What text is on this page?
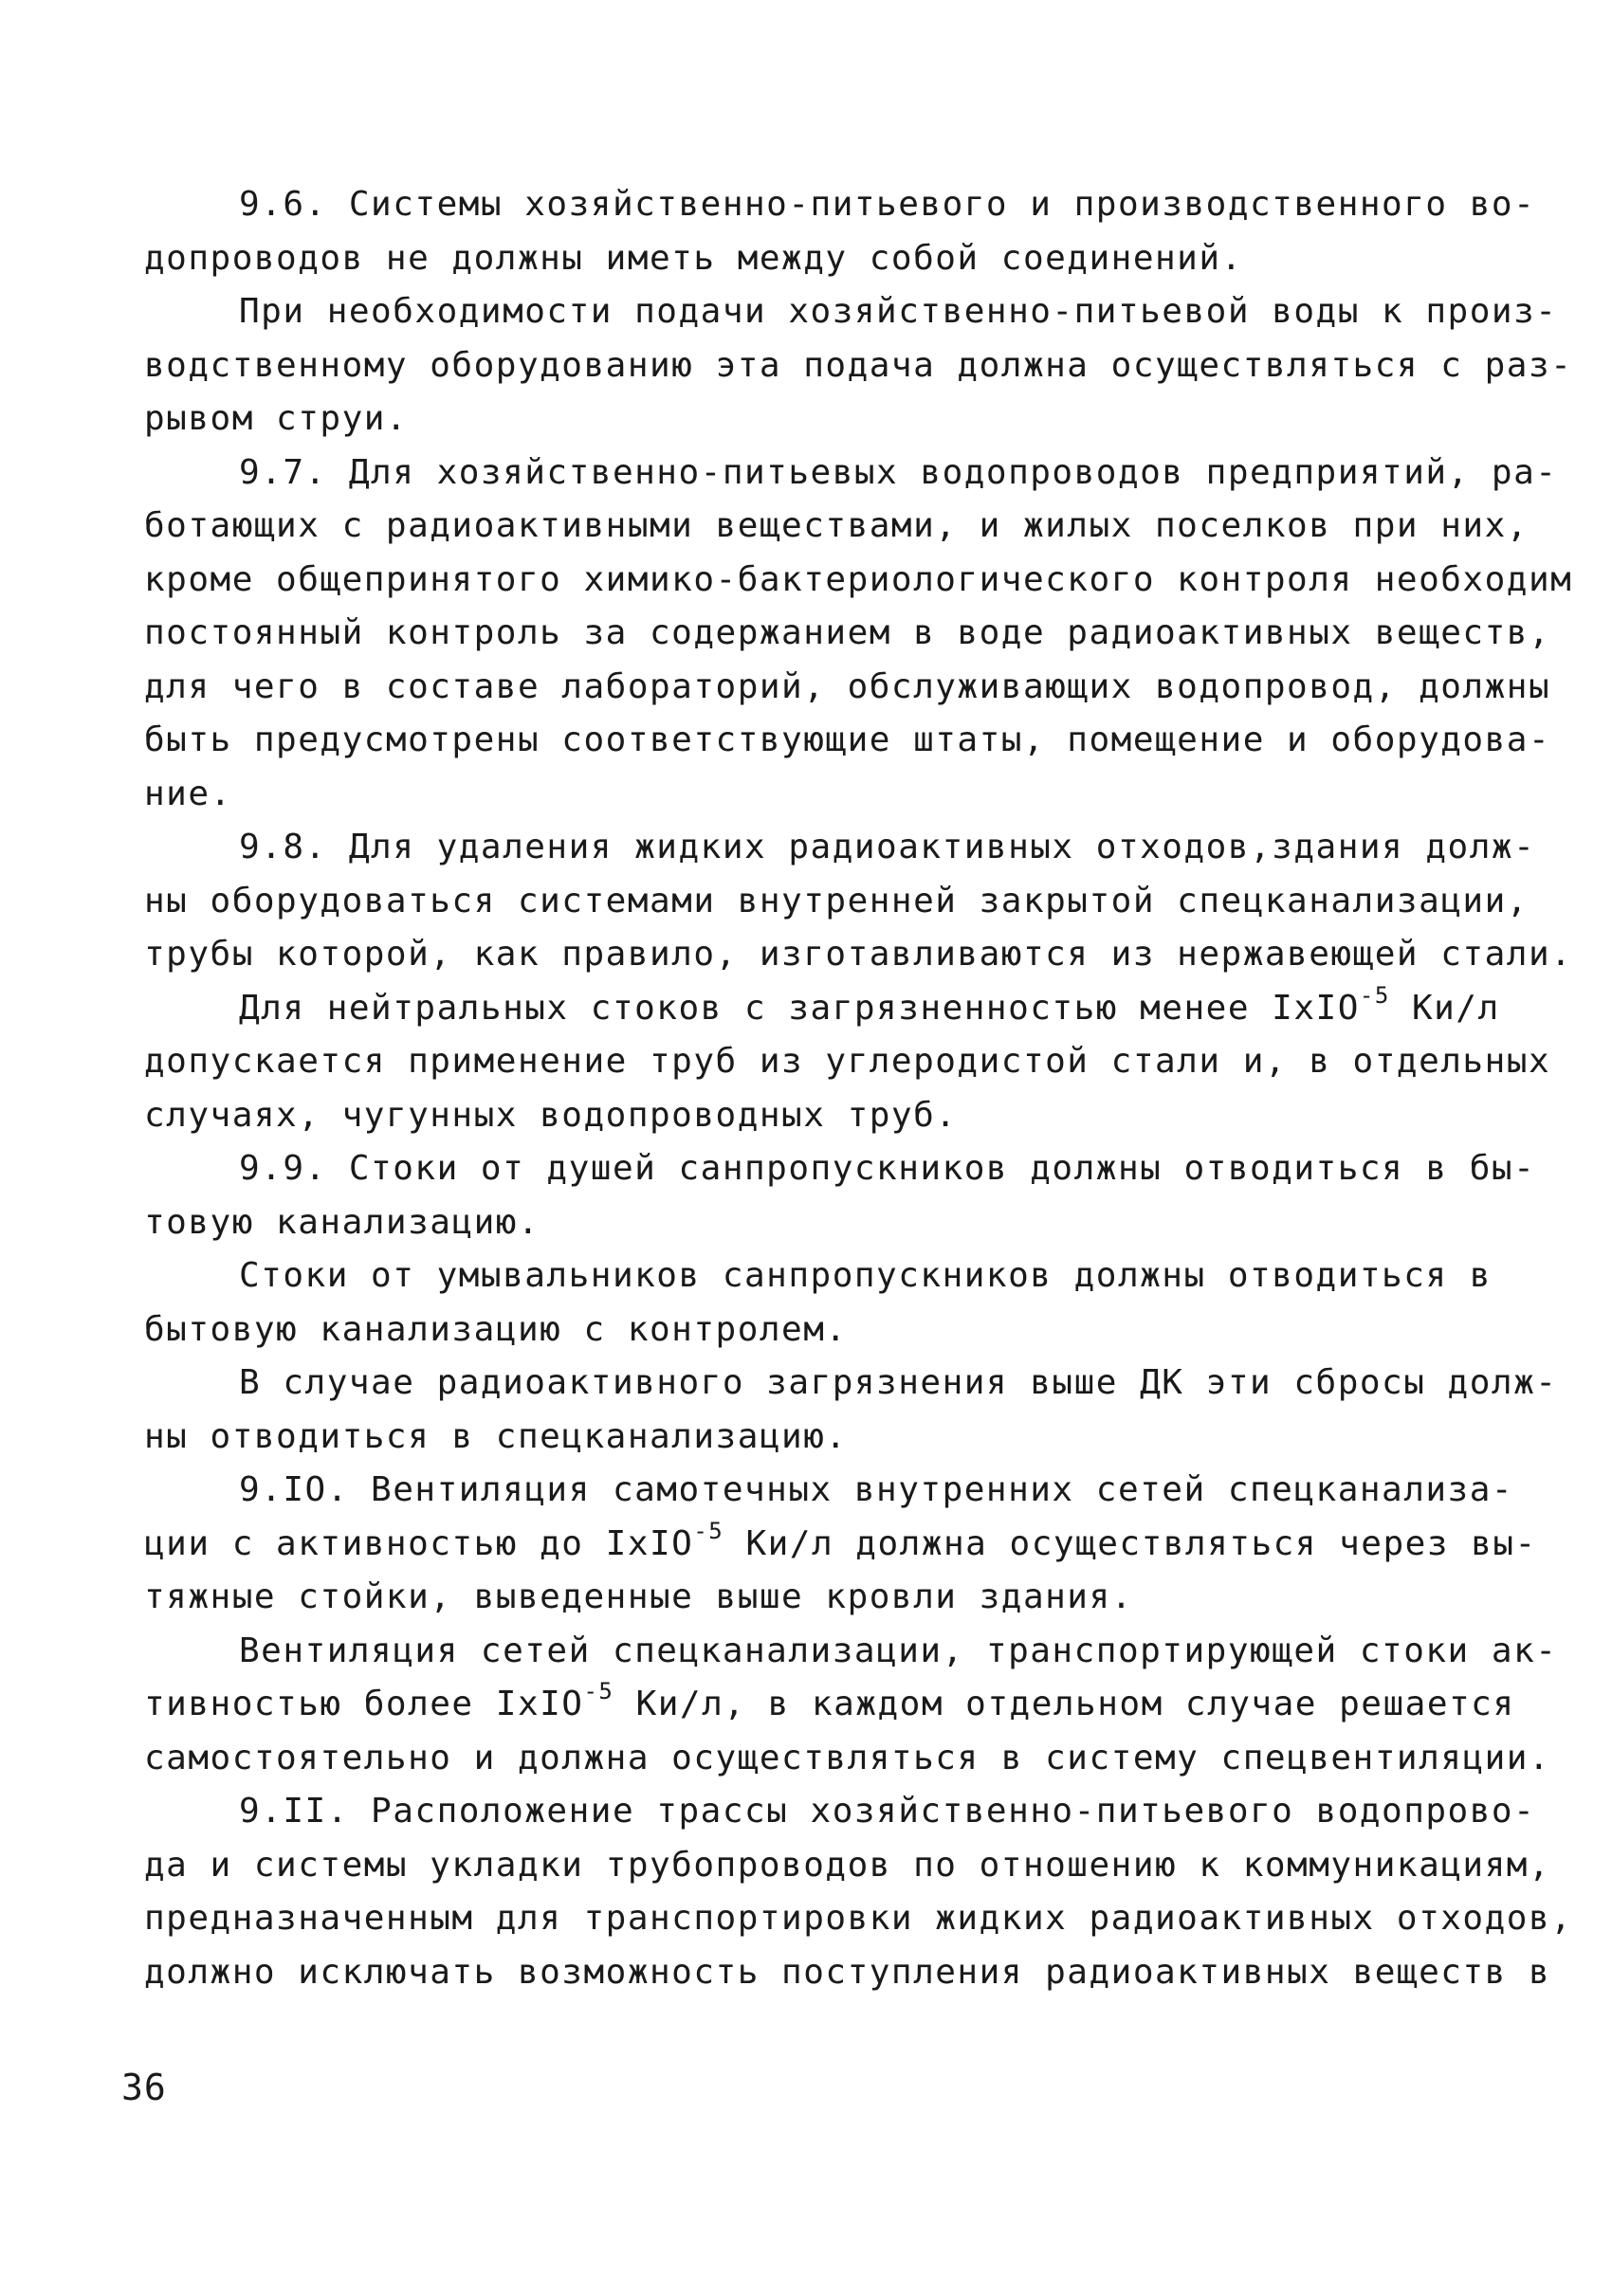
9.6. Системы хозяйственно-питьевого и производственного во-
допроводов не должны иметь между собой соединений.
При необходимости подачи хозяйственно-питьевой воды к произ-
водственному оборудованию эта подача должна осуществляться с раз-
рывом струи.
9.7. Для хозяйственно-питьевых водопроводов предприятий, ра-
ботающих с радиоактивными веществами, и жилых поселков при них,
кроме общепринятого химико-бактериологического контроля необходим
постоянный контроль за содержанием в воде радиоактивных веществ,
для чего в составе лабораторий, обслуживающих водопровод, должны
быть предусмотрены соответствующие штаты, помещение и оборудова-
ние.
9.8. Для удаления жидких радиоактивных отходов,здания долж-
ны оборудоваться системами внутренней закрытой спецканализации,
трубы которой, как правило, изготавливаются из нержавеющей стали.
Для нейтральных стоков с загрязненностью менее IxIO$^{-5}$ Ки/л
допускается применение труб из углеродистой стали и, в отдельных
случаях, чугунных водопроводных труб.
9.9. Стоки от душей санпропускников должны отводиться в бы-
товую канализацию.
Стоки от умывальников санпропускников должны отводиться в
бытовую канализацию с контролем.
В случае радиоактивного загрязнения выше ДК эти сбросы долж-
ны отводиться в спецканализацию.
9.IO. Вентиляция самотечных внутренних сетей спецканализа-
ции с активностью до IxIO$^{-5}$ Ки/л должна осуществляться через вы-
тяжные стойки, выведенные выше кровли здания.
Вентиляция сетей спецканализации, транспортирующей стоки ак-
тивностью более IxIO$^{-5}$ Ки/л, в каждом отдельном случае решается
самостоятельно и должна осуществляться в систему спецвентиляции.
9.II. Расположение трассы хозяйственно-питьевого водопрово-
да и системы укладки трубопроводов по отношению к коммуникациям,
предназначенным для транспортировки жидких радиоактивных отходов,
должно исключать возможность поступления радиоактивных веществ в
36
